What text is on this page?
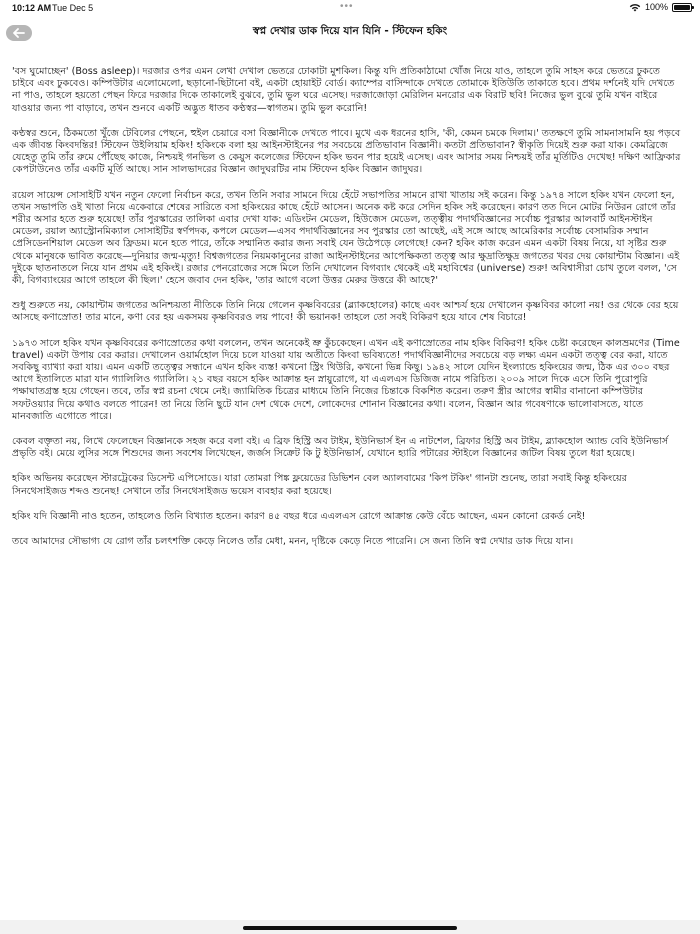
10:12 AM Tue Dec 5	•••	100%
স্বপ্ন দেখার ডাক দিয়ে যান যিনি - স্টিফেন হকিং

'বস ঘুমোচ্ছেন' (Boss asleep)। দরজার ওপর এমন লেখা দেখাল ভেতরে ঢোকাটা মুশকিল। কিন্তু যদি প্রতিকাঠামো খোঁজ নিয়ে যাও, তাহলে তুমি সাহস করে ভেতরে ঢুকতে চাইবে এবং ঢুকবেও। কম্পিউটার এলোমেলো, ছড়ানো-ছিটানো বই, একটা হোয়াইট বোর্ড। ক্যাম্পের বাসিন্দাকে দেখতে তোমাকে ইতিউতি তাকাতে হবে। প্রথম দর্শনেই যদি দেখতে না পাও, তাহলে হয়তো পেছন ফিরে দরজার দিকে তাকালেই বুঝবে, তুমি ভুল ঘরে এসেছ। দরজাজোড়া মেরিলিন মনরোর এক বিরাট ছবি! নিজের ভুল বুঝে তুমি যখন বাইরে যাওয়ার জন্য পা বাড়াবে, তখন শুনবে একটি অদ্ভুত ধাতব কণ্ঠস্বর—স্বাগতম। তুমি ভুল করোনি!

কণ্ঠস্বর শুনে, ঠিকমতো খুঁজে টেবিলের পেছনে, হুইল চেয়ারে বসা বিজ্ঞানীকে দেখতে পাবে। মুখে এক ধরনের হাসি, 'কী, কেমন চমকে দিলাম।' ততক্ষণে তুমি সামনাসামনি হয় পড়বে এক জীবন্ত কিংবদন্তির! স্টিফেন উইলিয়াম হকিং! হকিংকে বলা হয় আইনস্টাইনের পর সবচেয়ে প্রতিভাবান বিজ্ঞানী। কতটা প্রতিভাবান? স্বীকৃতি দিয়েই শুরু করা যাক। কেমব্রিজে যেহেতু তুমি তাঁর রুমে পৌঁছেছ কাজে, নিশ্চয়ই গনভিল ও কেয়ুস কলেজের স্টিফেন হকিং ভবন পার হয়েই এসেছ। এবং আসার সময় নিশ্চয়ই তাঁর মূর্তিটিও দেখেছ! দক্ষিণ আফ্রিকার কেপটাউনেও তাঁর একটি মূর্তি আছে। সান সালভাদরের বিজ্ঞান জাদুঘরটির নাম স্টিফেন হকিং বিজ্ঞান জাদুঘর।

রয়েল সায়েন্স সোসাইটি যখন নতুন ফেলো নির্বাচন করে, তখন তিনি সবার সামনে দিয়ে হেঁটে সভাপতির সামনে রাখা খাতায় সই করেন। কিন্তু ১৯৭৪ সালে হকিং যখন ফেলো হন, তখন সভাপতি ওই খাতা নিয়ে একেবারে শেষের সারিতে বসা হকিংয়ের কাছে হেঁটে আসেন। অনেক কষ্ট করে সেদিন হকিং সই করেছেন। কারণ তত দিনে মোটর নিউরন রোগে তাঁর শরীর অসার হতে শুরু হয়েছে! তাঁর পুরস্কারের তালিকা এবার দেখা যাক: এডিংটন মেডেল, হিউজেস মেডেল, তত্ত্বীয় পদার্থবিজ্ঞানের সর্বোচ্চ পুরস্কার আলবার্ট আইনস্টাইন মেডেল, রয়াল অ্যাস্ট্রোনমিক্যাল সোসাইটির স্বর্ণপদক, কপলে মেডেল—এসব পদার্থবিজ্ঞানের সব পুরস্কার তো আছেই, এই সঙ্গে আছে আমেরিকার সর্বোচ্চ বেসামরিক সম্মান প্রেসিডেনশিয়াল মেডেল অব ফ্রিডম। মনে হতে পারে, তাঁকে সম্মানিত করার জন্য সবাই যেন উঠেপড়ে লেগেছে! কেন? হকিং কাজ করেন এমন একটা বিষয় নিয়ে, যা সৃষ্টির শুরু থেকে মানুষকে ভাবিত করেছে—দুনিয়ার জন্ম-মৃত্যু! বিশ্বজগতের নিয়মকানুনের রাজা আইনস্টাইনের আপেক্ষিকতা তত্ত্ব আর ক্ষুদ্রাতিক্ষুদ্র জগতের খবর দেয় কোয়ান্টাম বিজ্ঞান। এই দুইকে ছাতনাতলে নিয়ে যান প্রথম এই হকিংই। রজার পেনরোজের সঙ্গে মিলে তিনি দেখালেন বিগব্যাং থেকেই এই মহাবিশ্বের (universe) শুরু! অবিশ্বাসীরা চোখ তুলে বলল, 'সে কী, বিগব্যাংয়ের আগে তাহলে কী ছিল।' হেসে জবাব দেন হকিং, 'তার আগে বলো উত্তর মেরুর উত্তরে কী আছে?'

শুধু শুরুতে নয়, কোয়ান্টাম জগতের অনিশ্চয়তা নীতিকে তিনি নিয়ে গেলেন কৃষ্ণবিবরের (ব্ল্যাকহোলের) কাছে এবং আশ্চর্য হয়ে দেখালেন কৃষ্ণবিবর কালো নয়! ওর থেকে বের হয়ে আসছে কণাস্রোত! তার মানে, কণা বের হয় একসময় কৃষ্ণবিবরও লয় পাবে! কী ভয়ানক! তাহলে তো সবই বিকিরণ হয়ে যাবে শেষ বিচারে!

১৯৭৩ সালে হকিং যখন কৃষ্ণবিবরের কণাস্রোতের কথা বললেন, তখন অনেকেই ভ্রু কুঁচকেছেন। এখন এই কণাস্রোতের নাম হকিং বিকিরণ! হকিং চেষ্টা করেছেন কালভ্রমণের (Time travel) একটা উপায় বের করার। দেখালেন ওয়ার্মহোল দিয়ে চলে যাওয়া যায় অতীতে কিংবা ভবিষ্যতে! পদার্থবিজ্ঞানীদের সবচেয়ে বড় লক্ষ্য এমন একটা তত্ত্ব বের করা, যাতে সবকিছু ব্যাখ্যা করা যায়। এমন একটি তত্ত্বের সন্ধানে এখন হকিং ব্যস্ত! কখনো স্ট্রিং থিউরি, কখনো ভিন্ন কিছু। ১৯৪২ সালে যেদিন ইংল্যান্ডে হকিংয়ের জন্ম, ঠিক এর ৩০০ বছর আগে ইতালিতে মারা যান গ্যালিলিও গ্যালিলি। ২১ বছর বয়সে হকিং আক্রান্ত হন স্নায়ুরোগে, যা এএলএস ডিজিজ নামে পরিচিত। ২০০৯ সালে দিকে এসে তিনি পুরোপুরি পক্ষাঘাতগ্রস্ত হয়ে গেছেন। তবে, তাঁর স্বপ্ন রচনা থেমে নেই। জ্যামিতিক চিত্রের মাধ্যমে তিনি নিজের চিন্তাকে বিকশিত করেন। তরুণ স্ত্রীর আগের স্বামীর বানানো কম্পিউটার সফটওয়্যার দিয়ে কথাও বলতে পারেন! তা নিয়ে তিনি ছুটে যান দেশ থেকে দেশে, লোকেদের শোনান বিজ্ঞানের কথা। বলেন, বিজ্ঞান আর গবেষণাকে ভালোবাসতে, যাতে মানবজাতি এগোতে পারে।

কেবল বক্তৃতা নয়, লিখে ফেলেছেন বিজ্ঞানকে সহজ করে বলা বই। এ ব্রিফ হিস্ট্রি অব টাইম, ইউনিভার্স ইন এ নাটশেল, ব্রিফার হিস্ট্রি অব টাইম, ব্ল্যাকহোল অ্যান্ড বেবি ইউনিভার্স প্রভৃতি বই। মেয়ে লুসির সঙ্গে শিশুদের জন্য সবশেষ লিখেছেন, জর্জস সিক্রেট কি টু ইউনিভার্স, যেখানে হ্যারি পটারের স্টাইলে বিজ্ঞানের জটিল বিষয় তুলে ধরা হয়েছে।

হকিং অভিনয় করেছেন স্টারট্রেকের ডিসেন্ট এপিসোডে। যারা তোমরা পিঙ্ক ফ্লয়েডের ডিভিশন বেল অ্যালবামের 'কিপ টকিং' গানটা শুনেছ, তারা সবাই কিন্তু হকিংয়ের সিনথেসাইজড শব্দও শুনেছ! সেখানে তাঁর সিনথেসাইজড ভয়েস ব্যবহার করা হয়েছে।

হকিং যদি বিজ্ঞানী নাও হতেন, তাহলেও তিনি বিখ্যাত হতেন। কারণ ৪৫ বছর ধরে এএলএস রোগে আক্রান্ত কেউ বেঁচে আছেন, এমন কোনো রেকর্ড নেই!

তবে আমাদের সৌভাগ্য যে রোগ তাঁর চলৎশক্তি কেড়ে নিলেও তাঁর মেধা, মনন, দৃষ্টিকে কেড়ে নিতে পারেনি। সে জন্য তিনি স্বপ্ন দেখার ডাক দিয়ে যান।
